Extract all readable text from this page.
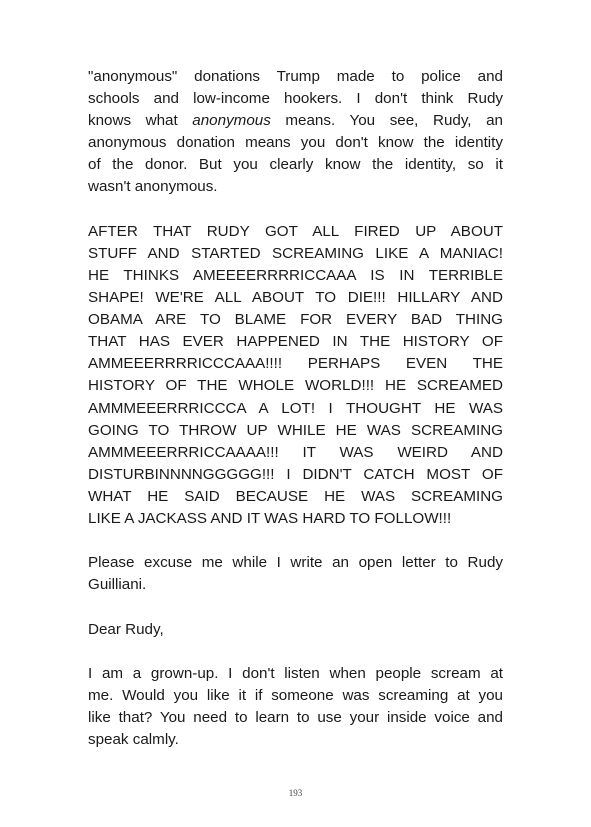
"anonymous" donations Trump made to police and
schools and low-income hookers. I don't think Rudy
knows what anonymous means. You see, Rudy, an
anonymous donation means you don't know the identity
of the donor. But you clearly know the identity, so it
wasn't anonymous.
AFTER THAT RUDY GOT ALL FIRED UP ABOUT
STUFF AND STARTED SCREAMING LIKE A MANIAC!
HE THINKS AMEEEERRRRICCAAA IS IN TERRIBLE
SHAPE! WE'RE ALL ABOUT TO DIE!!! HILLARY AND
OBAMA ARE TO BLAME FOR EVERY BAD THING
THAT HAS EVER HAPPENED IN THE HISTORY OF
AMMEEERRRRICCCAAA!!!! PERHAPS EVEN THE
HISTORY OF THE WHOLE WORLD!!! HE SCREAMED
AMMMEEERRRICCCA A LOT! I THOUGHT HE WAS
GOING TO THROW UP WHILE HE WAS SCREAMING
AMMMEEERRRICCAAAA!!! IT WAS WEIRD AND
DISTURBINNNNGGGGG!!! I DIDN'T CATCH MOST OF
WHAT HE SAID BECAUSE HE WAS SCREAMING
LIKE A JACKASS AND IT WAS HARD TO FOLLOW!!!
Please excuse me while I write an open letter to Rudy
Guilliani.
Dear Rudy,
I am a grown-up. I don't listen when people scream at
me. Would you like it if someone was screaming at you
like that? You need to learn to use your inside voice and
speak calmly.
193
